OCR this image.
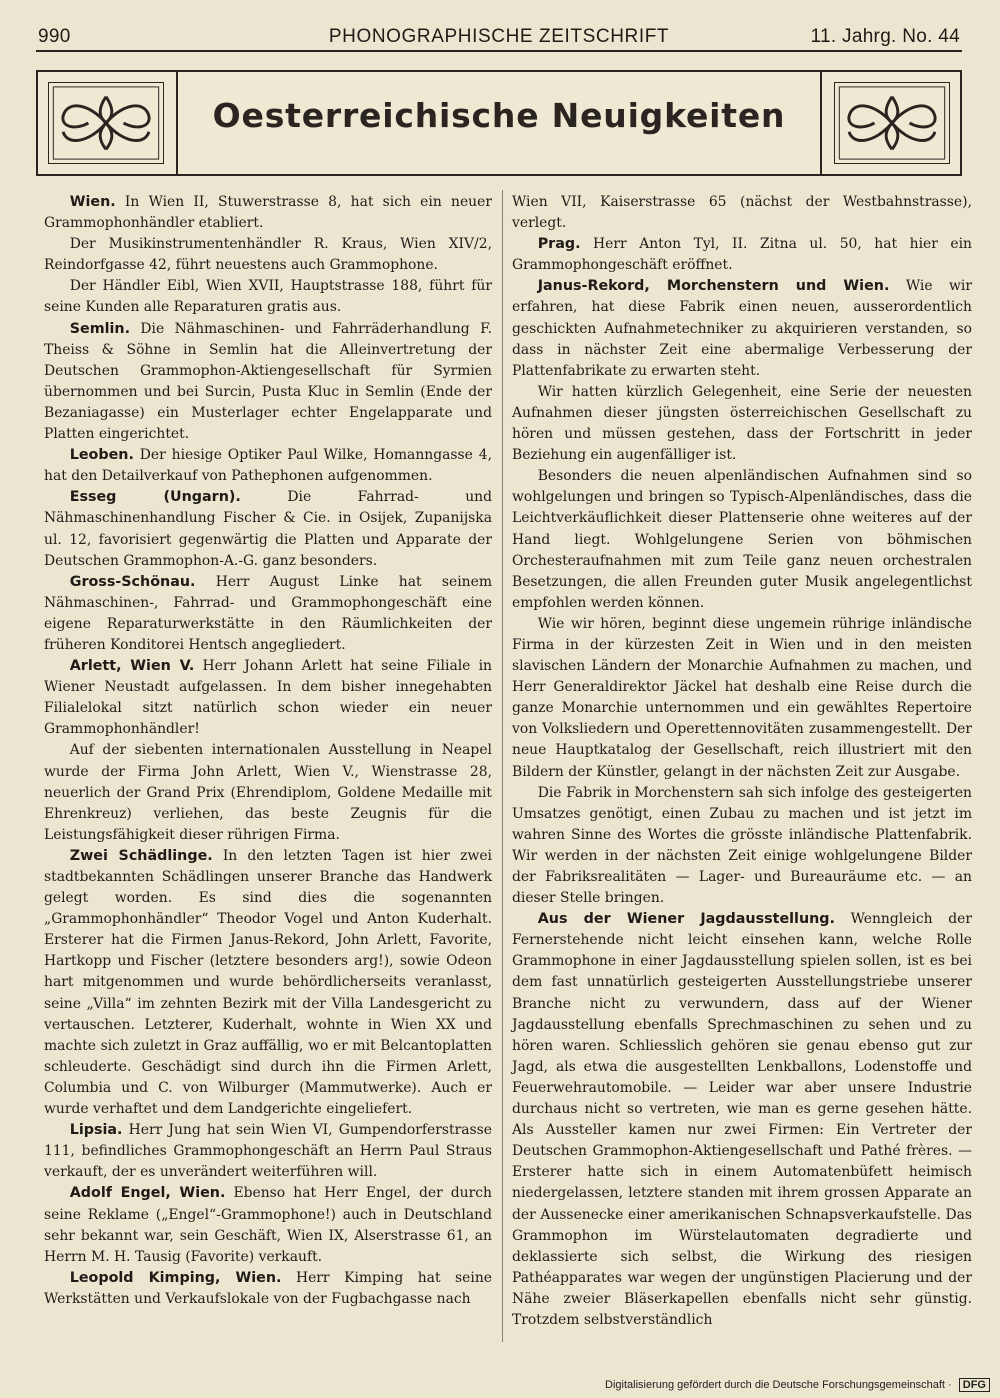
990	PHONOGRAPHISCHE ZEITSCHRIFT	11. Jahrg. No. 44
Oesterreichische Neuigkeiten

Wien. In Wien II, Stuwerstrasse 8, hat sich ein neuer Grammophonhändler etabliert.

Der Musikinstrumentenhändler R. Kraus, Wien XIV/2, Reindorfgasse 42, führt neuestens auch Grammophone.

Der Händler Eibl, Wien XVII, Hauptstrasse 188, führt für seine Kunden alle Reparaturen gratis aus.

Semlin. Die Nähmaschinen- und Fahrräderhandlung F. Theiss & Söhne in Semlin hat die Alleinvertretung der Deutschen Grammophon-Aktiengesellschaft für Syrmien übernommen und bei Surcin, Pusta Kluc in Semlin (Ende der Bezaniagasse) ein Musterlager echter Engelapparate und Platten eingerichtet.

Leoben. Der hiesige Optiker Paul Wilke, Homanngasse 4, hat den Detailverkauf von Pathephonen aufgenommen.

Esseg (Ungarn). Die Fahrrad- und Nähmaschinenhandlung Fischer & Cie. in Osijek, Zupanijska ul. 12, favorisiert gegenwärtig die Platten und Apparate der Deutschen Grammophon-A.-G. ganz besonders.

Gross-Schönau. Herr August Linke hat seinem Nähmaschinen-, Fahrrad- und Grammophongeschäft eine eigene Reparaturwerkstätte in den Räumlichkeiten der früheren Konditorei Hentsch angegliedert.

Arlett, Wien V. Herr Johann Arlett hat seine Filiale in Wiener Neustadt aufgelassen. In dem bisher innegehabten Filialelokal sitzt natürlich schon wieder ein neuer Grammophonhändler!

Auf der siebenten internationalen Ausstellung in Neapel wurde der Firma John Arlett, Wien V., Wienstrasse 28, neuerlich der Grand Prix (Ehrendiplom, Goldene Medaille mit Ehrenkreuz) verliehen, das beste Zeugnis für die Leistungsfähigkeit dieser rührigen Firma.

Zwei Schädlinge. In den letzten Tagen ist hier zwei stadtbekannten Schädlingen unserer Branche das Handwerk gelegt worden. Es sind dies die sogenannten „Grammophonhändler“ Theodor Vogel und Anton Kuderhalt. Ersterer hat die Firmen Janus-Rekord, John Arlett, Favorite, Hartkopp und Fischer (letztere besonders arg!), sowie Odeon hart mitgenommen und wurde behördlicherseits veranlasst, seine „Villa“ im zehnten Bezirk mit der Villa Landesgericht zu vertauschen. Letzterer, Kuderhalt, wohnte in Wien XX und machte sich zuletzt in Graz auffällig, wo er mit Belcantoplatten schleuderte. Geschädigt sind durch ihn die Firmen Arlett, Columbia und C. von Wilburger (Mammutwerke). Auch er wurde verhaftet und dem Landgerichte eingeliefert.

Lipsia. Herr Jung hat sein Wien VI, Gumpendorferstrasse 111, befindliches Grammophongeschäft an Herrn Paul Straus verkauft, der es unverändert weiterführen will.

Adolf Engel, Wien. Ebenso hat Herr Engel, der durch seine Reklame („Engel“-Grammophone!) auch in Deutschland sehr bekannt war, sein Geschäft, Wien IX, Alserstrasse 61, an Herrn M. H. Tausig (Favorite) verkauft.

Leopold Kimping, Wien. Herr Kimping hat seine Werkstätten und Verkaufslokale von der Fugbachgasse nach

Wien VII, Kaiserstrasse 65 (nächst der Westbahnstrasse), verlegt.

Prag. Herr Anton Tyl, II. Zitna ul. 50, hat hier ein Grammophongeschäft eröffnet.

Janus-Rekord, Morchenstern und Wien. Wie wir erfahren, hat diese Fabrik einen neuen, ausserordentlich geschickten Aufnahmetechniker zu akquirieren verstanden, so dass in nächster Zeit eine abermalige Verbesserung der Plattenfabrikate zu erwarten steht.

Wir hatten kürzlich Gelegenheit, eine Serie der neuesten Aufnahmen dieser jüngsten österreichischen Gesellschaft zu hören und müssen gestehen, dass der Fortschritt in jeder Beziehung ein augenfälliger ist.

Besonders die neuen alpenländischen Aufnahmen sind so wohlgelungen und bringen so Typisch-Alpenländisches, dass die Leichtverkäuflichkeit dieser Plattenserie ohne weiteres auf der Hand liegt. Wohlgelungene Serien von böhmischen Orchesteraufnahmen mit zum Teile ganz neuen orchestralen Besetzungen, die allen Freunden guter Musik angelegentlichst empfohlen werden können.

Wie wir hören, beginnt diese ungemein rührige inländische Firma in der kürzesten Zeit in Wien und in den meisten slavischen Ländern der Monarchie Aufnahmen zu machen, und Herr Generaldirektor Jäckel hat deshalb eine Reise durch die ganze Monarchie unternommen und ein gewähltes Repertoire von Volksliedern und Operettennovitäten zusammengestellt. Der neue Hauptkatalog der Gesellschaft, reich illustriert mit den Bildern der Künstler, gelangt in der nächsten Zeit zur Ausgabe.

Die Fabrik in Morchenstern sah sich infolge des gesteigerten Umsatzes genötigt, einen Zubau zu machen und ist jetzt im wahren Sinne des Wortes die grösste inländische Plattenfabrik. Wir werden in der nächsten Zeit einige wohlgelungene Bilder der Fabriksrealitäten — Lager- und Bureauräume etc. — an dieser Stelle bringen.

Aus der Wiener Jagdausstellung. Wenngleich der Fernerstehende nicht leicht einsehen kann, welche Rolle Grammophone in einer Jagdausstellung spielen sollen, ist es bei dem fast unnatürlich gesteigerten Ausstellungstriebe unserer Branche nicht zu verwundern, dass auf der Wiener Jagdausstellung ebenfalls Sprechmaschinen zu sehen und zu hören waren. Schliesslich gehören sie genau ebenso gut zur Jagd, als etwa die ausgestellten Lenkballons, Lodenstoffe und Feuerwehrautomobile. — Leider war aber unsere Industrie durchaus nicht so vertreten, wie man es gerne gesehen hätte. Als Aussteller kamen nur zwei Firmen: Ein Vertreter der Deutschen Grammophon-Aktiengesellschaft und Pathé frères. — Ersterer hatte sich in einem Automatenbüfett heimisch niedergelassen, letztere standen mit ihrem grossen Apparate an der Aussenecke einer amerikanischen Schnapsverkaufstelle. Das Grammophon im Würstelautomaten degradierte und deklassierte sich selbst, die Wirkung des riesigen Pathéapparates war wegen der ungünstigen Placierung und der Nähe zweier Bläserkapellen ebenfalls nicht sehr günstig. Trotzdem selbstverständlich

Digitalisierung gefördert durch die Deutsche Forschungsgemeinschaft · DFG
